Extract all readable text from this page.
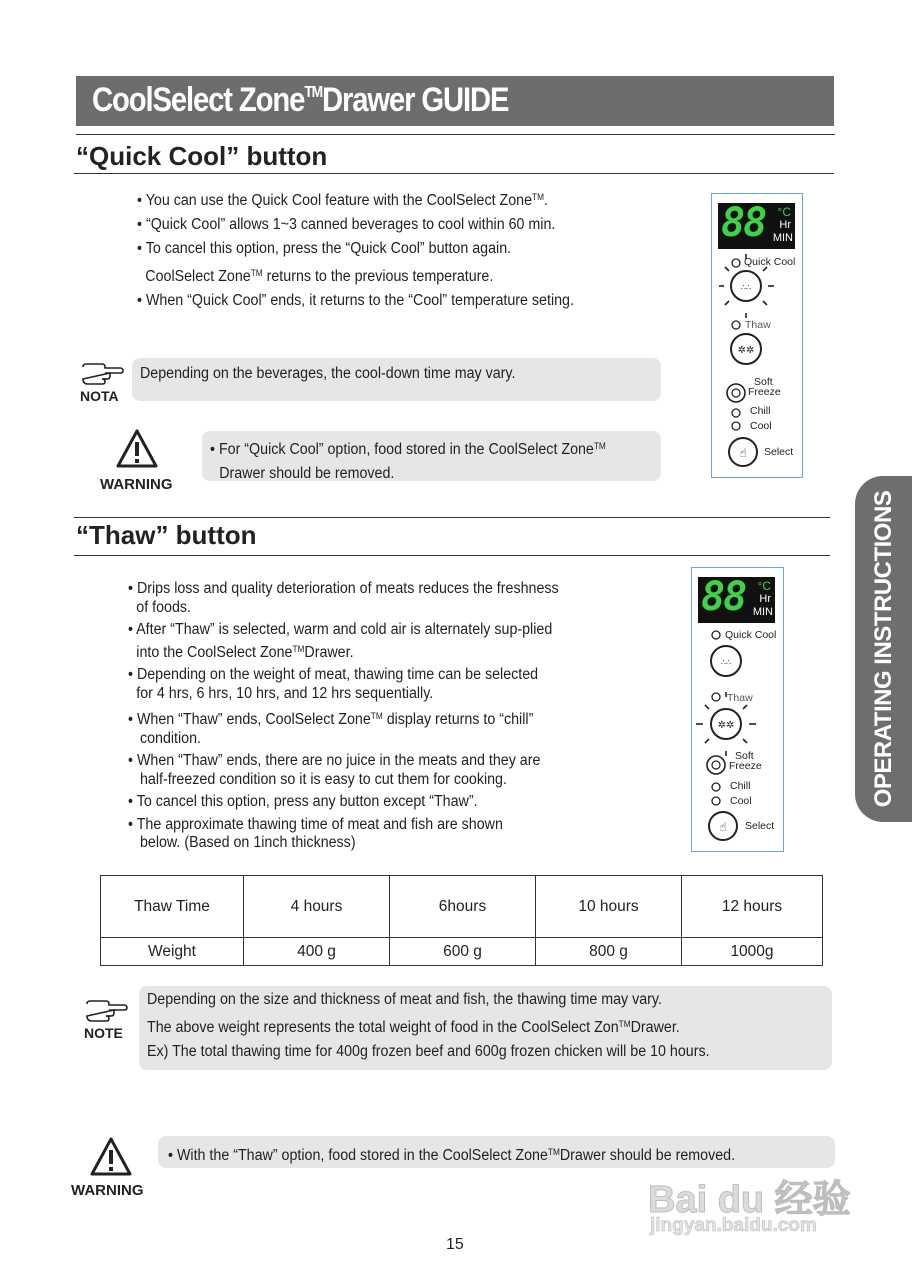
CoolSelect Zone™Drawer GUIDE
OPERATING INSTRUCTIONS
“Quick Cool” button
• You can use the Quick Cool feature with the CoolSelect Zone™.
• “Quick Cool” allows 1~3 canned beverages to cool within 60 min.
• To cancel this option, press the “Quick Cool” button again.
CoolSelect Zone™ returns to the previous temperature.
• When “Quick Cool” ends, it returns to the “Cool” temperature seting.
NOTA
Depending on the beverages, the cool-down time may vary.
WARNING
• For “Quick Cool” option, food stored in the CoolSelect Zone™
Drawer should be removed.
88 °C
Hr
MIN
∴∴
✲✲
☝
Quick Cool
Thaw
Soft
Freeze
Chill
Cool
Select
“Thaw” button
• Drips loss and quality deterioration of meats reduces the freshness
of foods.
• After “Thaw” is selected, warm and cold air is alternately sup-plied
into the CoolSelect Zone™Drawer.
• Depending on the weight of meat, thawing time can be selected
for 4 hrs, 6 hrs, 10 hrs, and 12 hrs sequentially.
• When “Thaw” ends, CoolSelect Zone™ display returns to “chill”
condition.
• When “Thaw” ends, there are no juice in the meats and they are
half-freezed condition so it is easy to cut them for cooking.
• To cancel this option, press any button except “Thaw”.
• The approximate thawing time of meat and fish are shown
below. (Based on 1inch thickness)
88 °C
Hr
MIN
∴∴
✲✲
☝
Quick Cool
Thaw
Soft
Freeze
Chill
Cool
Select
Thaw Time	4 hours	6hours	10 hours	12 hours
Weight	400 g	600 g	800 g	1000g
NOTE
Depending on the size and thickness of meat and fish, the thawing time may vary.
The above weight represents the total weight of food in the CoolSelect Zon™Drawer.
Ex) The total thawing time for 400g frozen beef and 600g frozen chicken will be 10 hours.
WARNING
• With the “Thaw” option, food stored in the CoolSelect Zone™Drawer should be removed.
Bai du 经验
jingyan.baidu.com
15
